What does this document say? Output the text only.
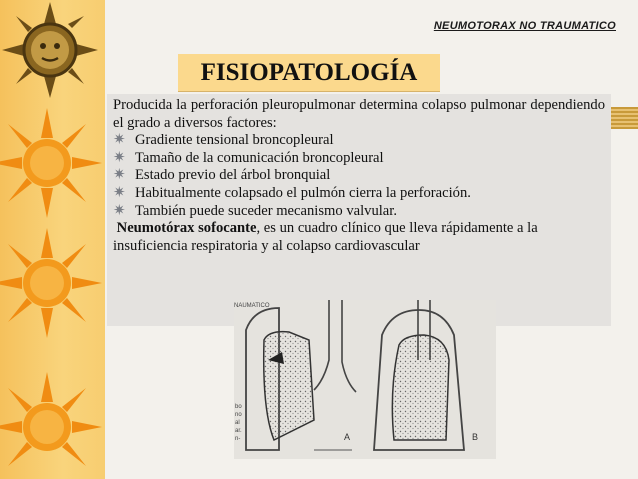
NEUMOTORAX NO TRAUMATICO
FISIOPATOLOGÍA

Producida la perforación pleuropulmonar determina colapso pulmonar dependiendo el grado a diversos factores:

✷ Gradiente tensional broncopleural
✷ Tamaño de la comunicación broncopleural
✷ Estado previo del árbol bronquial
✷ Habitualmente colapsado el pulmón cierra la perforación.
✷ También puede suceder mecanismo valvular.

Neumotórax sofocante, es un cuadro clínico que lleva rápidamente a la insuficiencia respiratoria y al colapso cardiovascular

A	B
NAUMATICO
bo
no
al
ar.
n-
